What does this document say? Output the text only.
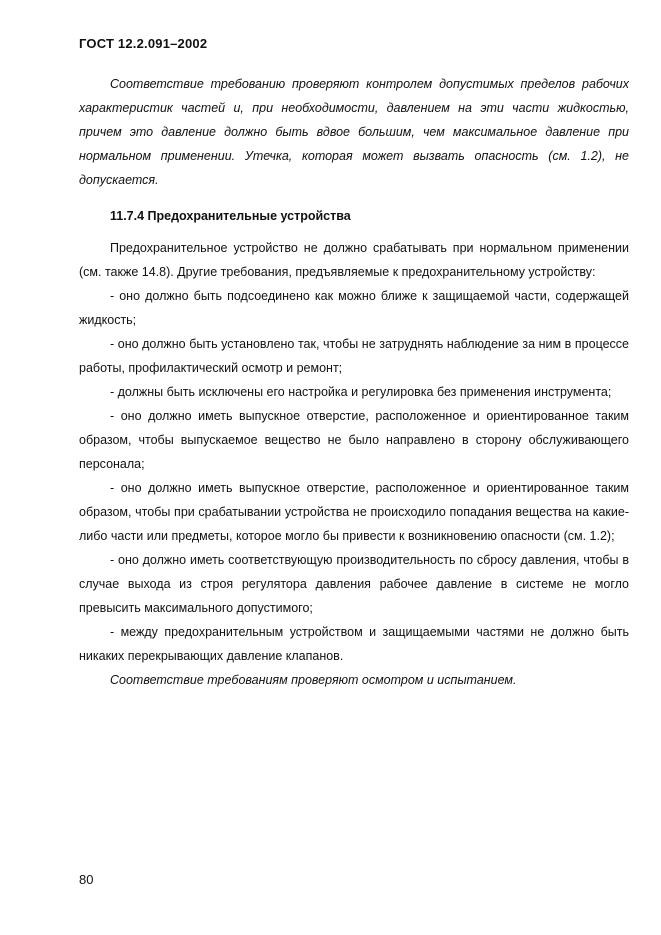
ГОСТ 12.2.091–2002

Соответствие требованию проверяют контролем допустимых пределов рабочих характеристик частей и, при необходимости, давлением на эти части жидкостью, причем это давление должно быть вдвое большим, чем максимальное давление при нормальном применении. Утечка, которая может вызвать опасность (см. 1.2), не допускается.

11.7.4 Предохранительные устройства

Предохранительное устройство не должно срабатывать при нормальном применении (см. также 14.8). Другие требования, предъявляемые к предохранительному устройству:

- оно должно быть подсоединено как можно ближе к защищаемой части, содержащей жидкость;

- оно должно быть установлено так, чтобы не затруднять наблюдение за ним в процессе работы, профилактический осмотр и ремонт;

- должны быть исключены его настройка и регулировка без применения инструмента;

- оно должно иметь выпускное отверстие, расположенное и ориентированное таким образом, чтобы выпускаемое вещество не было направлено в сторону обслуживающего персонала;

- оно должно иметь выпускное отверстие, расположенное и ориентированное таким образом, чтобы при срабатывании устройства не происходило попадания вещества на какие-либо части или предметы, которое могло бы привести к возникновению опасности (см. 1.2);

- оно должно иметь соответствующую производительность по сбросу давления, чтобы в случае выхода из строя регулятора давления рабочее давление в системе не могло превысить максимального допустимого;

- между предохранительным устройством и защищаемыми частями не должно быть никаких перекрывающих давление клапанов.

Соответствие требованиям проверяют осмотром и испытанием.

80
